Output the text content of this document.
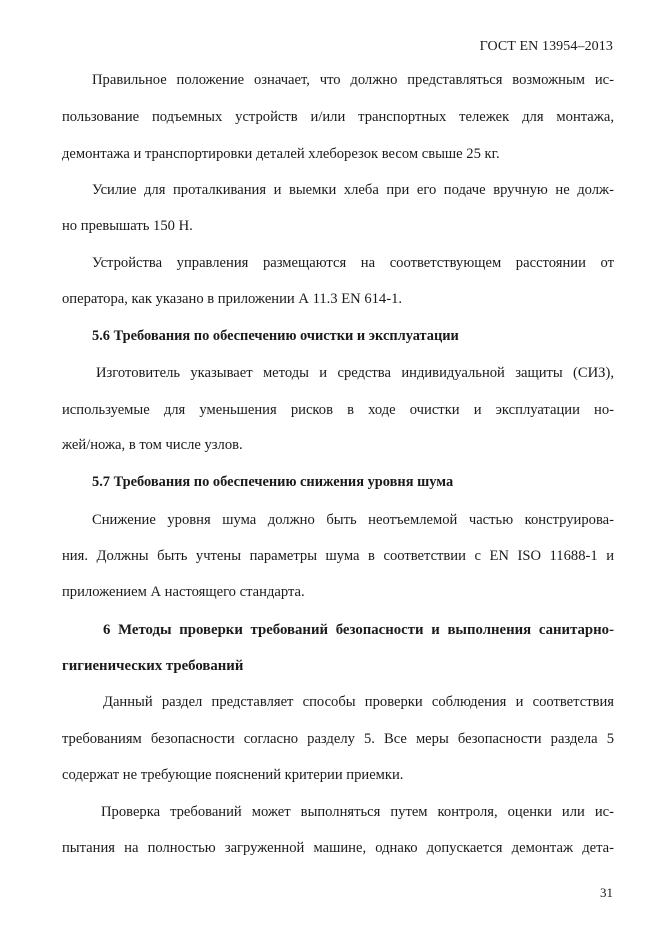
ГОСТ EN 13954–2013
Правильное положение означает, что должно представляться возможным ис-
пользование подъемных устройств и/или транспортных тележек для монтажа,
демонтажа и транспортировки деталей хлеборезок весом свыше 25 кг.
Усилие для проталкивания и выемки хлеба при его подаче вручную не долж-
но превышать 150 Н.
Устройства управления размещаются на соответствующем расстоянии от
оператора, как указано в приложении А 11.3 EN 614-1.
5.6 Требования по обеспечению очистки и эксплуатации
Изготовитель указывает методы и средства индивидуальной защиты (СИЗ),
используемые для уменьшения рисков в ходе очистки и эксплуатации но-
жей/ножа, в том числе узлов.
5.7 Требования по обеспечению снижения уровня шума
Снижение уровня шума должно быть неотъемлемой частью конструирова-
ния. Должны быть учтены параметры шума в соответствии с EN ISO 11688-1 и
приложением А настоящего стандарта.
6 Методы проверки требований безопасности и выполнения санитарно-
гигиенических требований
Данный раздел представляет способы проверки соблюдения и соответствия
требованиям безопасности согласно разделу 5. Все меры безопасности раздела 5
содержат не требующие пояснений критерии приемки.
Проверка требований может выполняться путем контроля, оценки или ис-
пытания на полностью загруженной машине, однако допускается демонтаж дета-
31
